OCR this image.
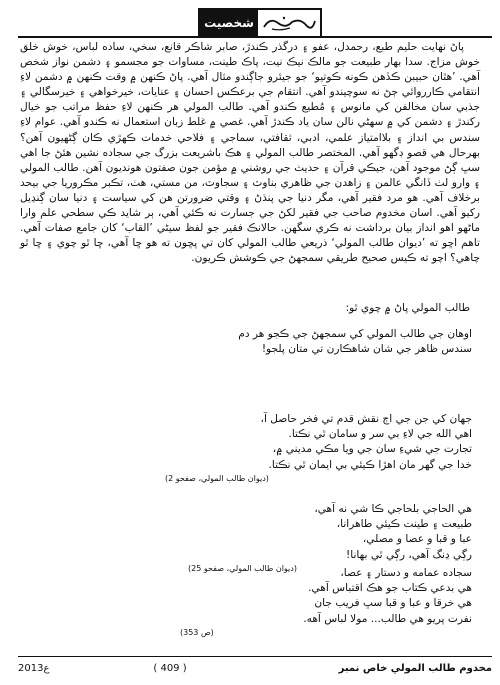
شخصيت

پاڻ نهايت حليم طبع، رحمدل، عفو ۽ درگذر ڪندڙ، صابر شاڪر قانع، سخي، ساده لباس، خوش خلق خوش مزاج. سدا بهار طبيعت جو مالڪ نيڪ نيت، پاڪ طينت، مساوات جو مجسمو ۽ دشمن نواز شخص آهي. ’هٿان حبيبن ڪڏهن ڪونه ڪوتيو‘ جو جيئرو جاڳندو مثال آهي. پاڻ ڪنهن ۾ وقت ڪنهن ۾ دشمن لاءِ انتقامي ڪارروائي ڄڻ نه سوچيندو آهي. انتقام جي برعڪس احسان ۽ عنايات، خيرخواهي ۽ خيرسگالي ۽ جذبي سان مخالفن کي مانوس ۽ مُطيع ڪندو آهي. طالب المولي هر ڪنهن لاءِ حفظ مراتب جو خيال رکندڙ ۽ دشمن کي ۾ سهڻي نالن سان ياد ڪندڙ آهي. غصي ۾ غلط زبان استعمال نه ڪندو آهي. عوام لاءِ سندس بي انداز ۽ بلاامتياز علمي، ادبي، ثقافتي، سماجي ۽ فلاحي خدمات ڪهڙي ڪان ڳڻهيون آهن؟ بهرحال هي قصو ڊگهو آهي. المختصر طالب المولي ۽ هڪ باشريعت بزرگ جي سجاده نشين هئڻ جا اهي سڀ ڳڻ موجود آهن، جيڪي قرآن ۽ حديث جي روشني ۾ مؤمن جون صفتون هونديون آهن. طالب المولي ۽ وارو لٺ ڏانگي عالمن ۽ زاهدن جي ظاهري بناوٽ ۽ سجاوٽ، من مستي، هٺ، تڪبر مڪروريا جي بيحد برخلاف آهي. هو مرد فقير آهي، مگر دنيا جي پنڌڻ ۽ وقتي ضرورتن هن کي سياست ۽ دنيا سان ڳنڍيل رکيو آهي. اسان مخدوم صاحب جي فقير لکڻ جي جسارت نه ڪئي آهي، ٻر شايد ڪي سطحي علم وارا ماڻهو اهو انداز بيان برداشت نه ڪري سگهن. حالانڪ فقير جو لفظ سيڻي ’القاب‘ کان جامع صفات آهي. تاهم اڇو ته ’ديوان طالب المولي‘ ذريعي طالب المولي کان تي پڇون ته هو ڇا آهي، ڇا ٿو چوي ۽ ڇا ٿو چاهي؟ اچو ته ڪيس صحيح طريقي سمجهڻ جي ڪوشش ڪريون.

طالب المولي پاڻ ۾ چوي ٿو:
اوهان جي طالب المولي کي سمجهڻ جي ڪجو هر دم
سندس ظاهر جي شان شاهڪارن تي متان پلجو!
جهان کي جن جي اڄ نقش قدم تي فخر حاصل آ،
اهي الله جي لاءِ بي سر و سامان ٿي نڪتا.
تجارت جي شيءِ سان جي ويا مڪي مديني ۾،
خدا جي گهر مان اهڙا ڪيئي بي ايمان ٿي نڪتا.
(ديوان طالب المولي، صفحو 2)
هي الحاجي بلحاجي ڪا شي نه آهي،
طبيعت ۽ طينت ڪيئي طاهرانا،
عبا و قبا و عصا و مصلي،
رڳي ڍنگ آهي، رڳي ٿي بهانا!
(ديوان طالب المولي، صفحو 25)	سجاده عمامه و دستار ۽ عصا،
هي بدعي ڪتاب جو هڪ اقتباس آهي.
هي خرقا و عبا و قبا سڀ فريب جان
نفرت پريو هي طالب... مولا لباس آهه.
(ص 353)
2013ع	( 409 )	مخدوم طالب المولي خاص نمبر
